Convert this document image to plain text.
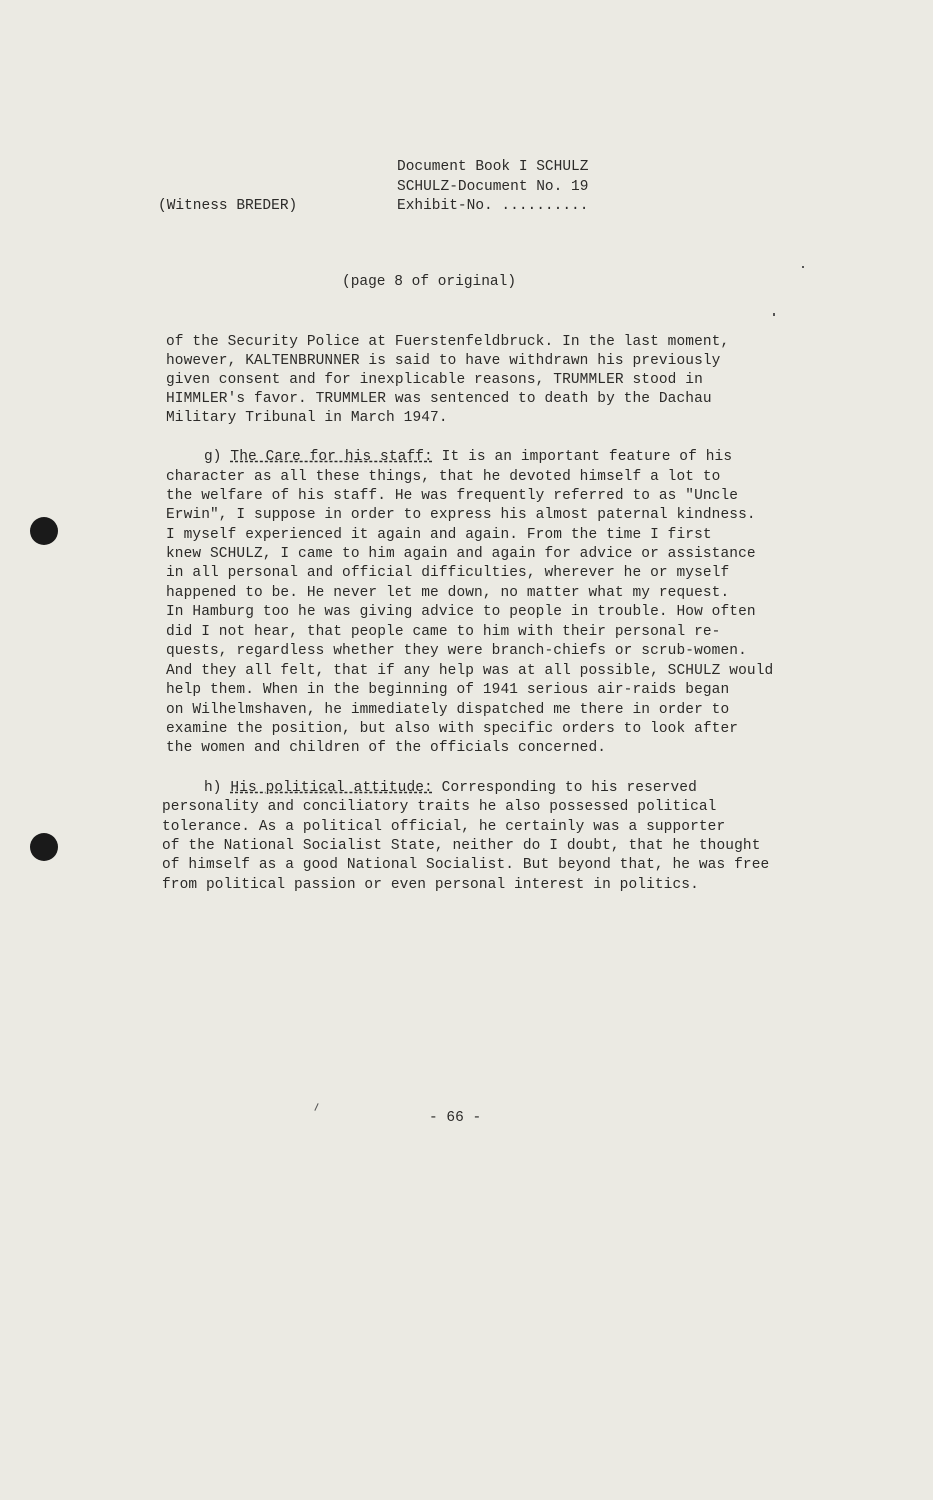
Document Book I SCHULZ
SCHULZ-Document No. 19
Exhibit-No. ..........
(Witness BREDER)
(page 8 of original)
of the Security Police at Fuerstenfeldbruck. In the last moment,
however, KALTENBRUNNER is said to have withdrawn his previously
given consent and for inexplicable reasons, TRUMMLER stood in
HIMMLER's favor. TRUMMLER was sentenced to death by the Dachau
Military Tribunal in March 1947.
g) The Care for his staff: It is an important feature of his
character as all these things, that he devoted himself a lot to
the welfare of his staff. He was frequently referred to as "Uncle
Erwin", I suppose in order to express his almost paternal kindness.
I myself experienced it again and again. From the time I first
knew SCHULZ, I came to him again and again for advice or assistance
in all personal and official difficulties, wherever he or myself
happened to be. He never let me down, no matter what my request.
In Hamburg too he was giving advice to people in trouble. How often
did I not hear, that people came to him with their personal re-
quests, regardless whether they were branch-chiefs or scrub-women.
And they all felt, that if any help was at all possible, SCHULZ would
help them. When in the beginning of 1941 serious air-raids began
on Wilhelmshaven, he immediately dispatched me there in order to
examine the position, but also with specific orders to look after
the women and children of the officials concerned.
h) His political attitude: Corresponding to his reserved
personality and conciliatory traits he also possessed political
tolerance. As a political official, he certainly was a supporter
of the National Socialist State, neither do I doubt, that he thought
of himself as a good National Socialist. But beyond that, he was free
from political passion or even personal interest in politics.
- 66 -
